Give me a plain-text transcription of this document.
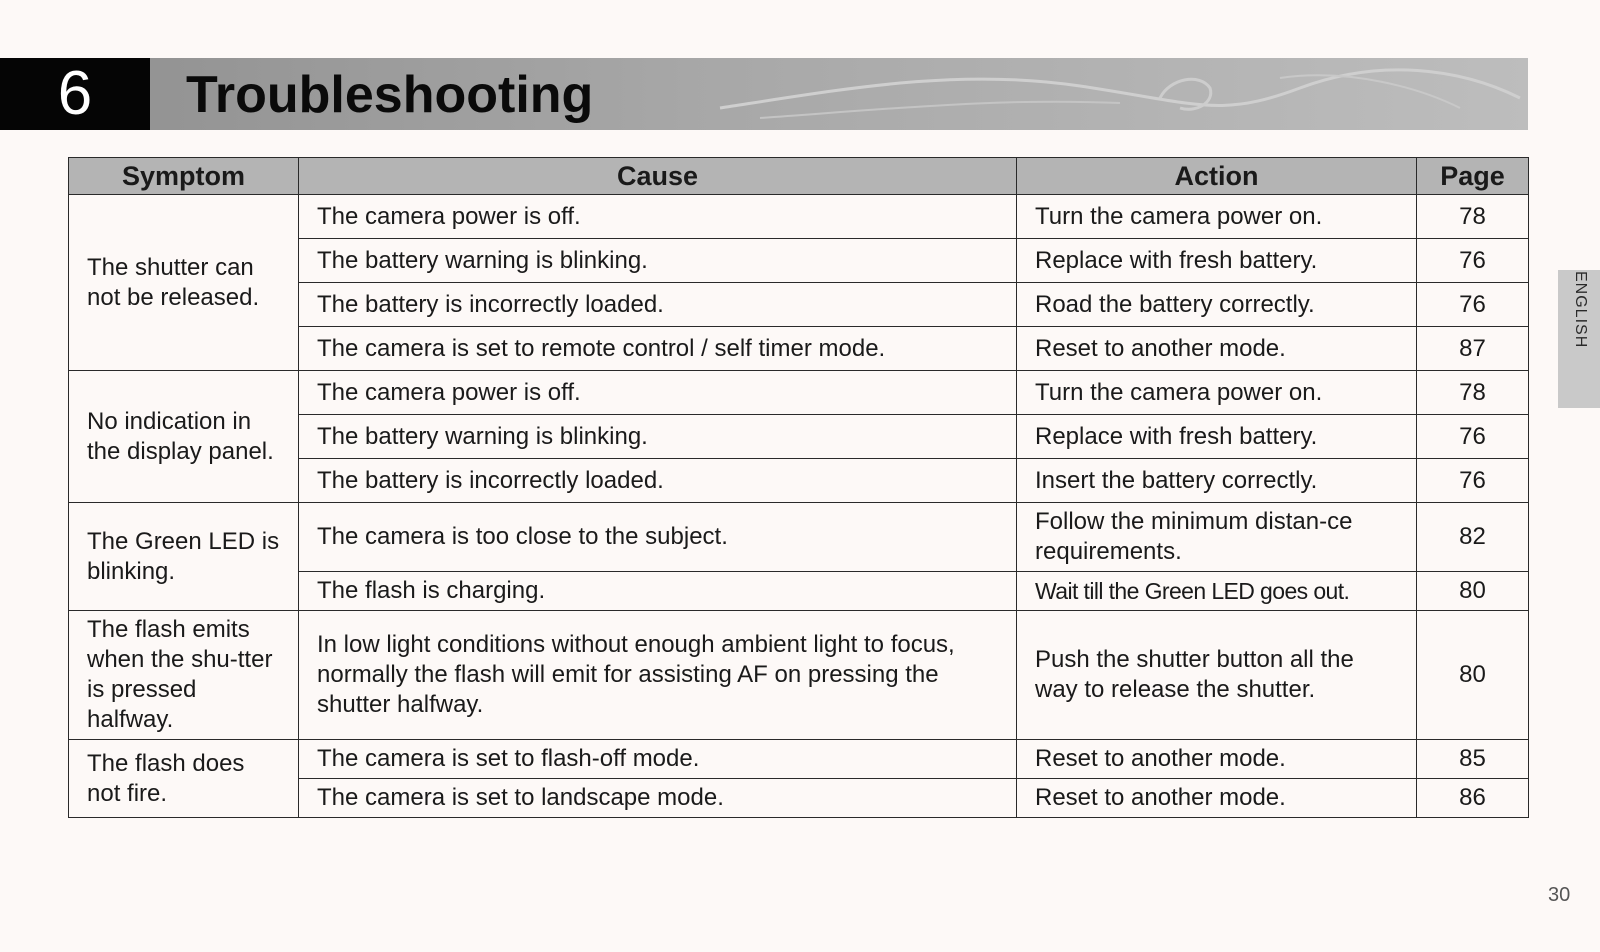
6	Troubleshooting
Symptom	Cause	Action	Page
The shutter can not be released.	The camera power is off.	Turn the camera power on.	78
	The battery warning is blinking.	Replace with fresh battery.	76
	The battery is incorrectly loaded.	Road the battery correctly.	76
	The camera is set to remote control / self timer mode.	Reset to another mode.	87
No indication in the display panel.	The camera power is off.	Turn the camera power on.	78
	The battery warning is blinking.	Replace with fresh battery.	76
	The battery is incorrectly loaded.	Insert the battery correctly.	76
The Green LED is blinking.	The camera is too close to the subject.	Follow the minimum distan-ce requirements.	82
	The flash is charging.	Wait till the Green LED goes out.	80
The flash emits when the shu-tter is pressed halfway.	In low light conditions without enough ambient light to focus, normally the flash will emit for assisting AF on pressing the shutter halfway.	Push the shutter button all the way to release the shutter.	80
The flash does not fire.	The camera is set to flash-off mode.	Reset to another mode.	85
	The camera is set to landscape mode.	Reset to another mode.	86
ENGLISH
30
